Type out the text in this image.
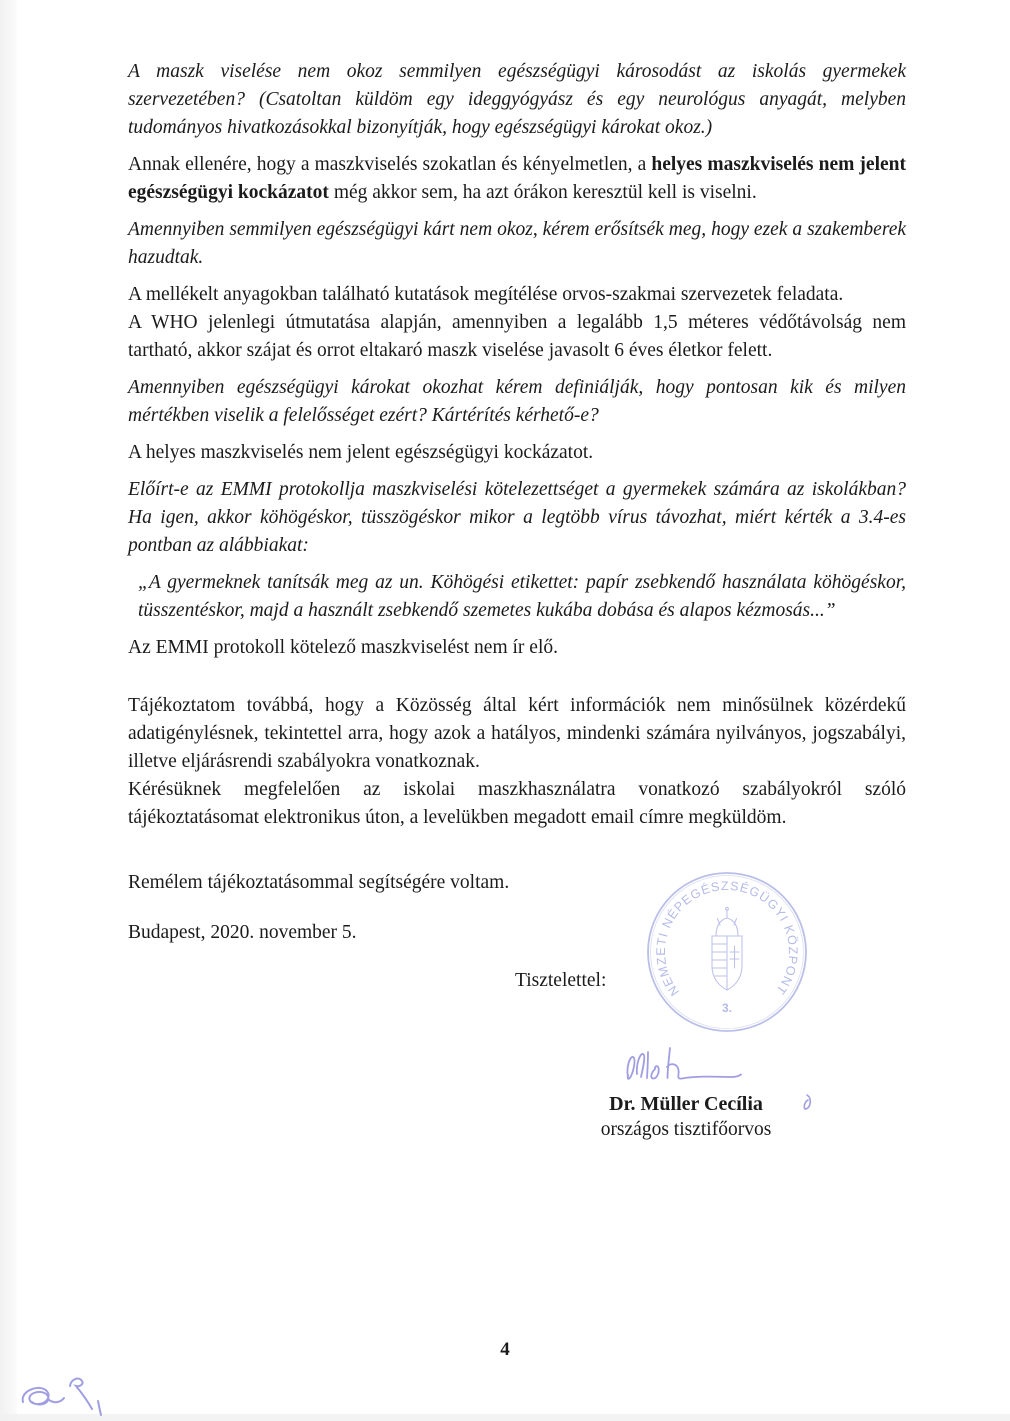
A maszk viselése nem okoz semmilyen egészségügyi károsodást az iskolás gyermekek szervezetében? (Csatoltan küldöm egy ideggyógyász és egy neurológus anyagát, melyben tudományos hivatkozásokkal bizonyítják, hogy egészségügyi károkat okoz.)

Annak ellenére, hogy a maszkviselés szokatlan és kényelmetlen, a helyes maszkviselés nem jelent egészségügyi kockázatot még akkor sem, ha azt órákon keresztül kell is viselni.

Amennyiben semmilyen egészségügyi kárt nem okoz, kérem erősítsék meg, hogy ezek a szakemberek hazudtak.

A mellékelt anyagokban található kutatások megítélése orvos-szakmai szervezetek feladata.

A WHO jelenlegi útmutatása alapján, amennyiben a legalább 1,5 méteres védőtávolság nem tartható, akkor szájat és orrot eltakaró maszk viselése javasolt 6 éves életkor felett.

Amennyiben egészségügyi károkat okozhat kérem definiálják, hogy pontosan kik és milyen mértékben viselik a felelősséget ezért? Kártérítés kérhető-e?

A helyes maszkviselés nem jelent egészségügyi kockázatot.

Előírt-e az EMMI protokollja maszkviselési kötelezettséget a gyermekek számára az iskolákban? Ha igen, akkor köhögéskor, tüsszögéskor mikor a legtöbb vírus távozhat, miért kérték a 3.4-es pontban az alábbiakat:

„A gyermeknek tanítsák meg az un. Köhögési etikettet: papír zsebkendő használata köhögéskor, tüsszentéskor, majd a használt zsebkendő szemetes kukába dobása és alapos kézmosás...”

Az EMMI protokoll kötelező maszkviselést nem ír elő.

Tájékoztatom továbbá, hogy a Közösség által kért információk nem minősülnek közérdekű adatigénylésnek, tekintettel arra, hogy azok a hatályos, mindenki számára nyilványos, jogszabályi, illetve eljárásrendi szabályokra vonatkoznak.

Kérésüknek megfelelően az iskolai maszkhasználatra vonatkozó szabályokról szóló tájékoztatásomat elektronikus úton, a levelükben megadott email címre megküldöm.

Remélem tájékoztatásommal segítségére voltam.

Budapest, 2020. november 5.

Tisztelettel:	NEMZETI NÉPEGÉSZSÉGÜGYI KÖZPONT
3.
Dr. Müller Cecília
országos tisztifőorvos
4
